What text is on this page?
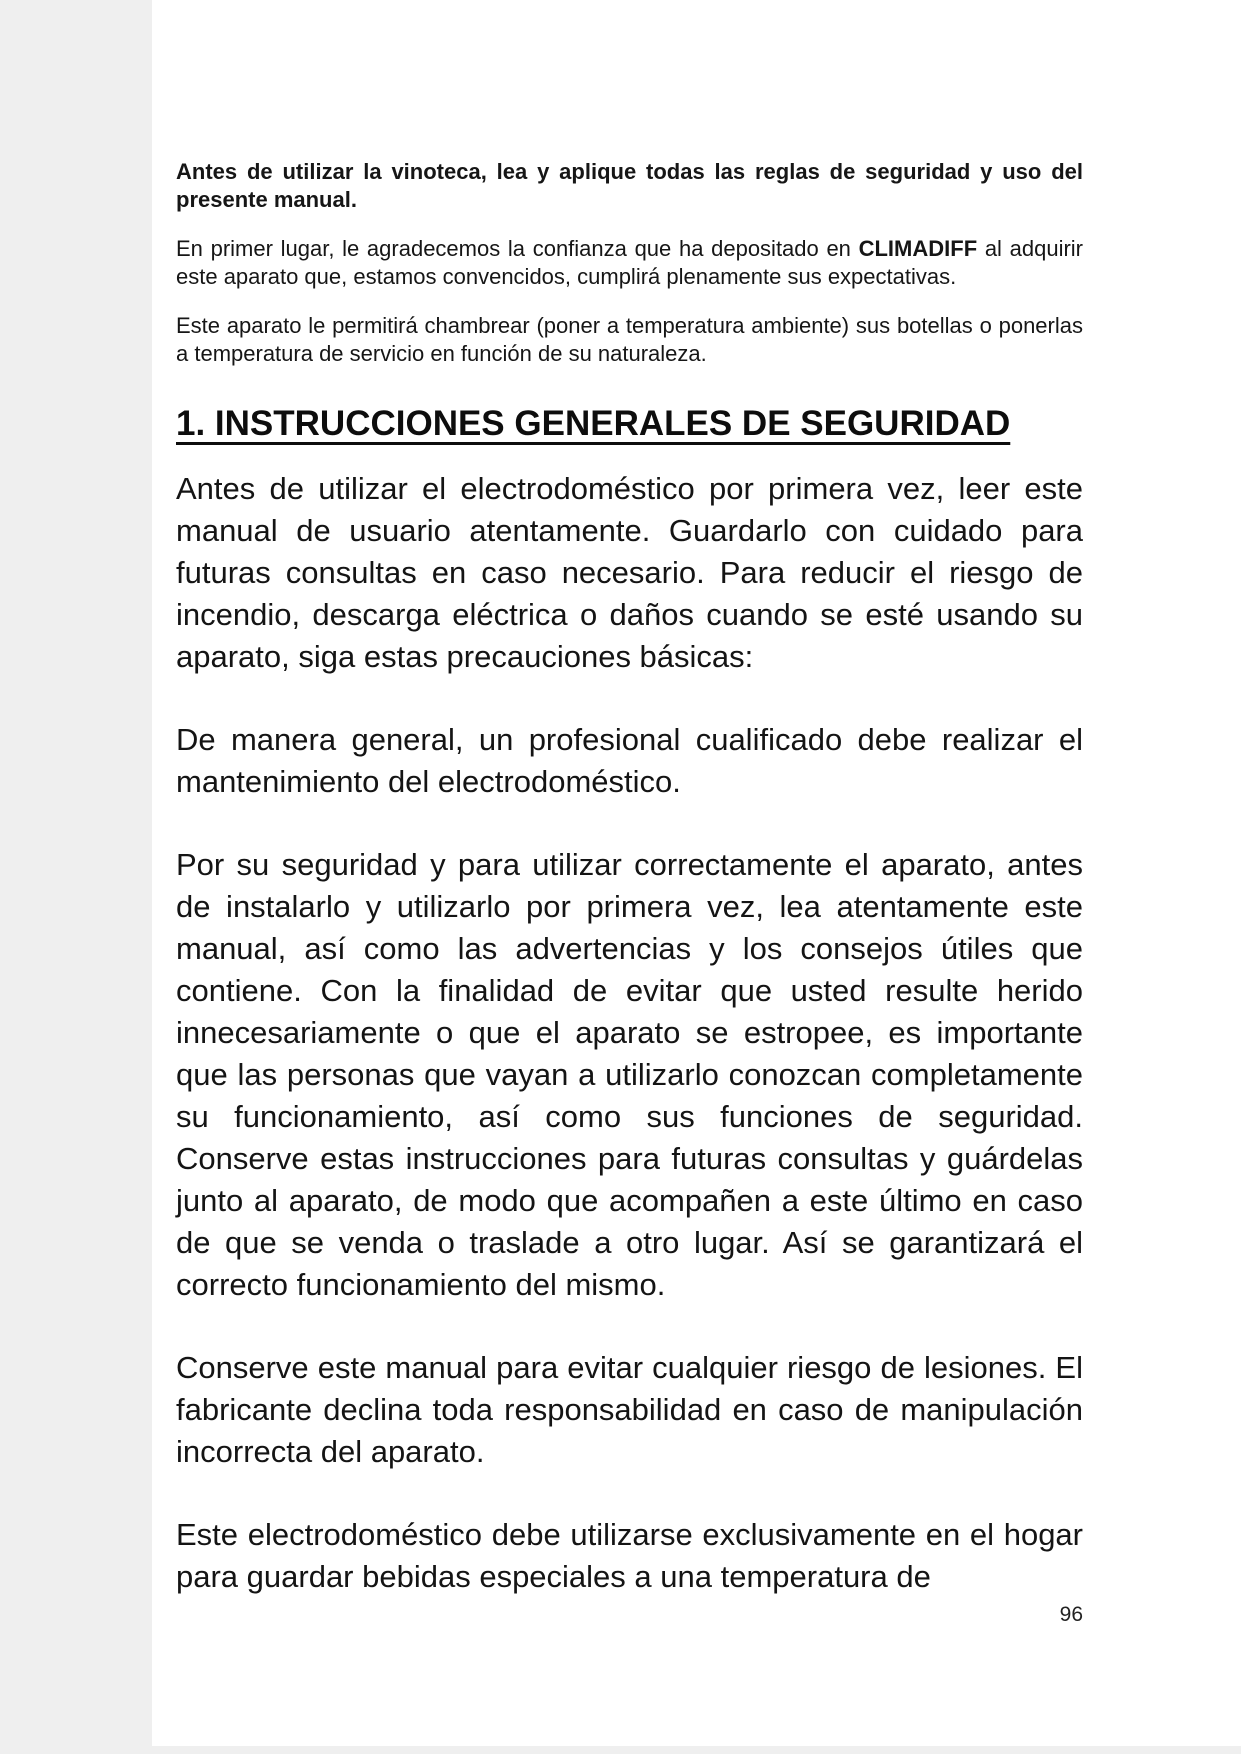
Antes de utilizar la vinoteca, lea y aplique todas las reglas de seguridad y uso del presente manual.

En primer lugar, le agradecemos la confianza que ha depositado en CLIMADIFF al adquirir este aparato que, estamos convencidos, cumplirá plenamente sus expectativas.

Este aparato le permitirá chambrear (poner a temperatura ambiente) sus botellas o ponerlas a temperatura de servicio en función de su naturaleza.

1. INSTRUCCIONES GENERALES DE SEGURIDAD

Antes de utilizar el electrodoméstico por primera vez, leer este manual de usuario atentamente. Guardarlo con cuidado para futuras consultas en caso necesario. Para reducir el riesgo de incendio, descarga eléctrica o daños cuando se esté usando su aparato, siga estas precauciones básicas:

De manera general, un profesional cualificado debe realizar el mantenimiento del electrodoméstico.

Por su seguridad y para utilizar correctamente el aparato, antes de instalarlo y utilizarlo por primera vez, lea atentamente este manual, así como las advertencias y los consejos útiles que contiene. Con la finalidad de evitar que usted resulte herido innecesariamente o que el aparato se estropee, es importante que las personas que vayan a utilizarlo conozcan completamente su funcionamiento, así como sus funciones de seguridad. Conserve estas instrucciones para futuras consultas y guárdelas junto al aparato, de modo que acompañen a este último en caso de que se venda o traslade a otro lugar. Así se garantizará el correcto funcionamiento del mismo.

Conserve este manual para evitar cualquier riesgo de lesiones. El fabricante declina toda responsabilidad en caso de manipulación incorrecta del aparato.

Este electrodoméstico debe utilizarse exclusivamente en el hogar para guardar bebidas especiales a una temperatura de

96
